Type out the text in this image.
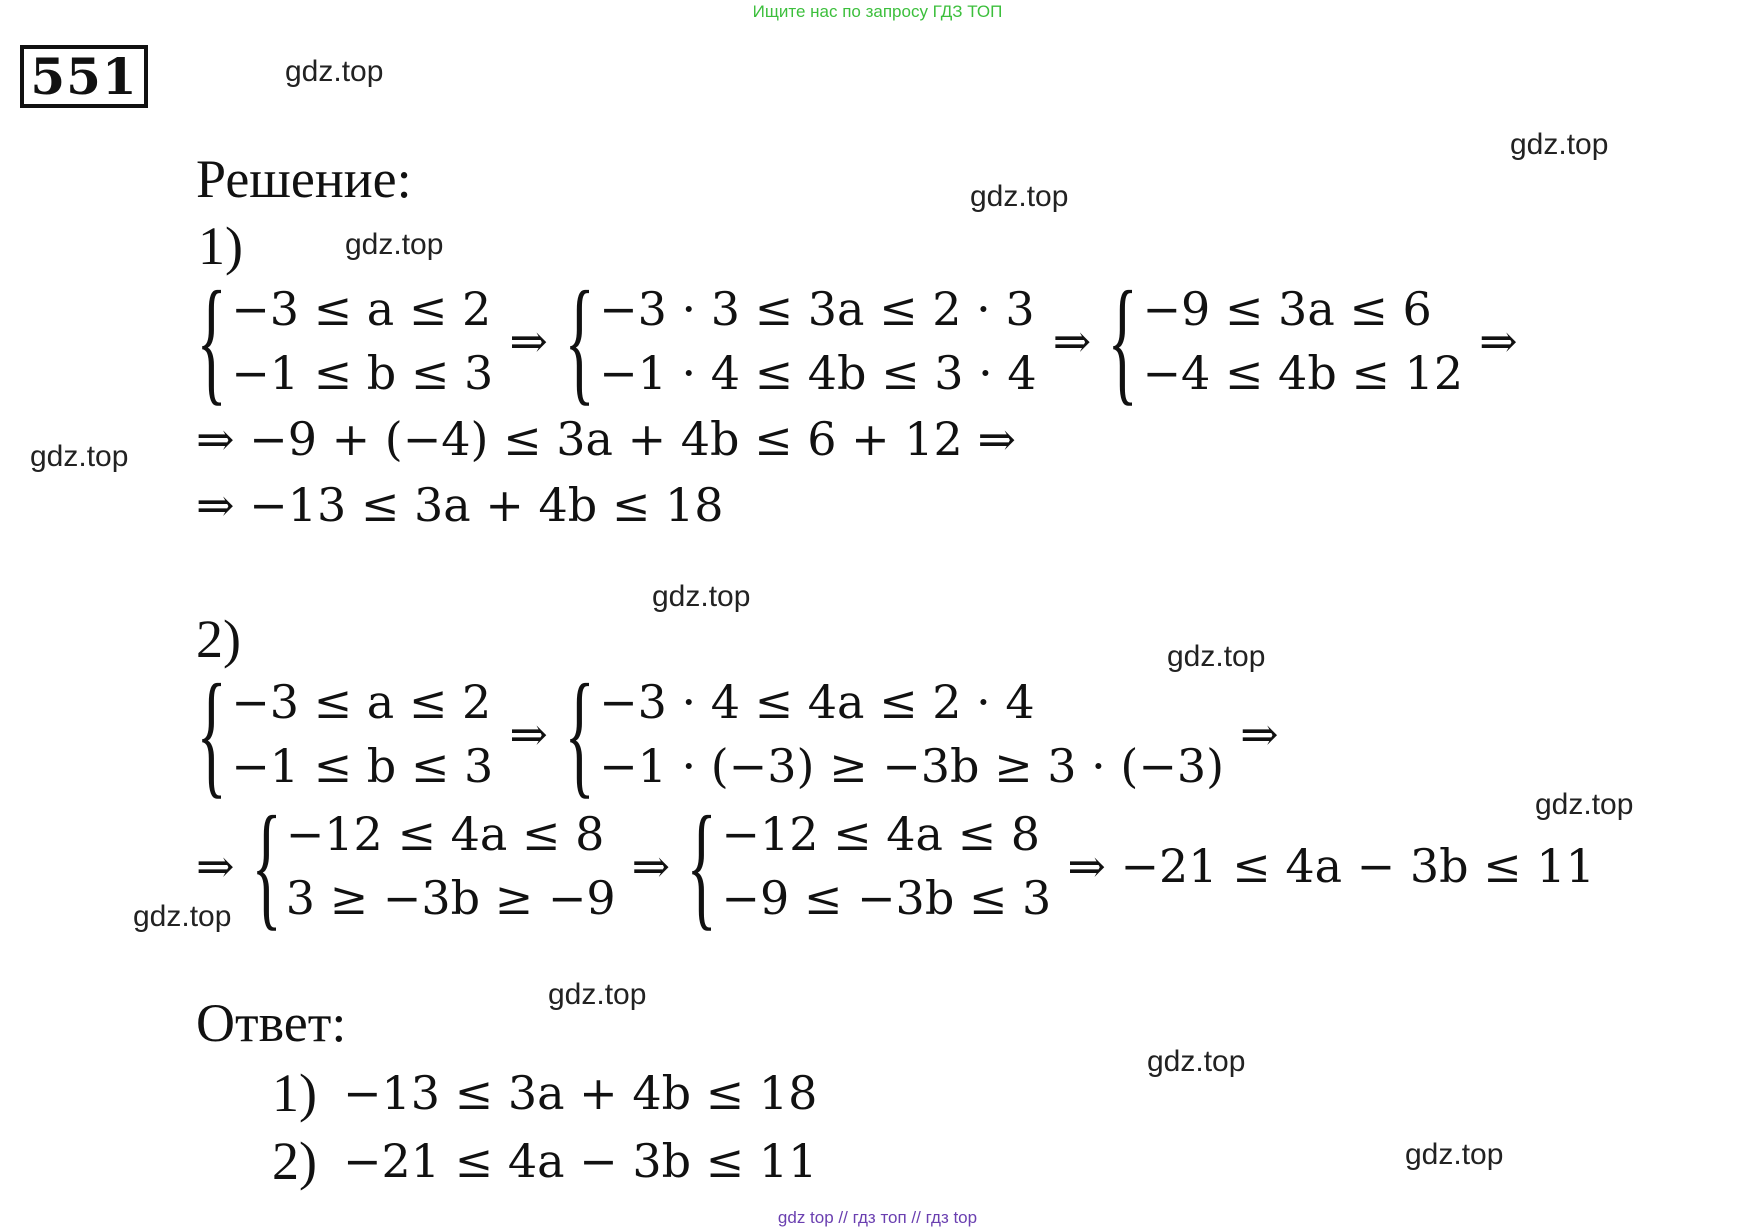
Ищите нас по запросу ГДЗ ТОП
551	gdz.top
gdz.top
gdz.top
gdz.top
gdz.top
gdz.top
gdz.top
gdz.top
gdz.top
gdz.top
gdz.top
gdz.top
Решение:
1)
{ −3 ≤ a ≤ 2
−1 ≤ b ≤ 3
⇒ { −3 · 3 ≤ 3a ≤ 2 · 3
−1 · 4 ≤ 4b ≤ 3 · 4
⇒ { −9 ≤ 3a ≤ 6
−4 ≤ 4b ≤ 12
⇒
⇒ −9 + (−4) ≤ 3a + 4b ≤ 6 + 12 ⇒
⇒ −13 ≤ 3a + 4b ≤ 18
2)
{ −3 ≤ a ≤ 2
−1 ≤ b ≤ 3
⇒ { −3 · 4 ≤ 4a ≤ 2 · 4
−1 · (−3) ≥ −3b ≥ 3 · (−3)
⇒
⇒ { −12 ≤ 4a ≤ 8
3 ≥ −3b ≥ −9
⇒ { −12 ≤ 4a ≤ 8
−9 ≤ −3b ≤ 3
⇒ −21 ≤ 4a − 3b ≤ 11
Ответ:
1) −13 ≤ 3a + 4b ≤ 18
2) −21 ≤ 4a − 3b ≤ 11
gdz top // гдз топ // гдз top
